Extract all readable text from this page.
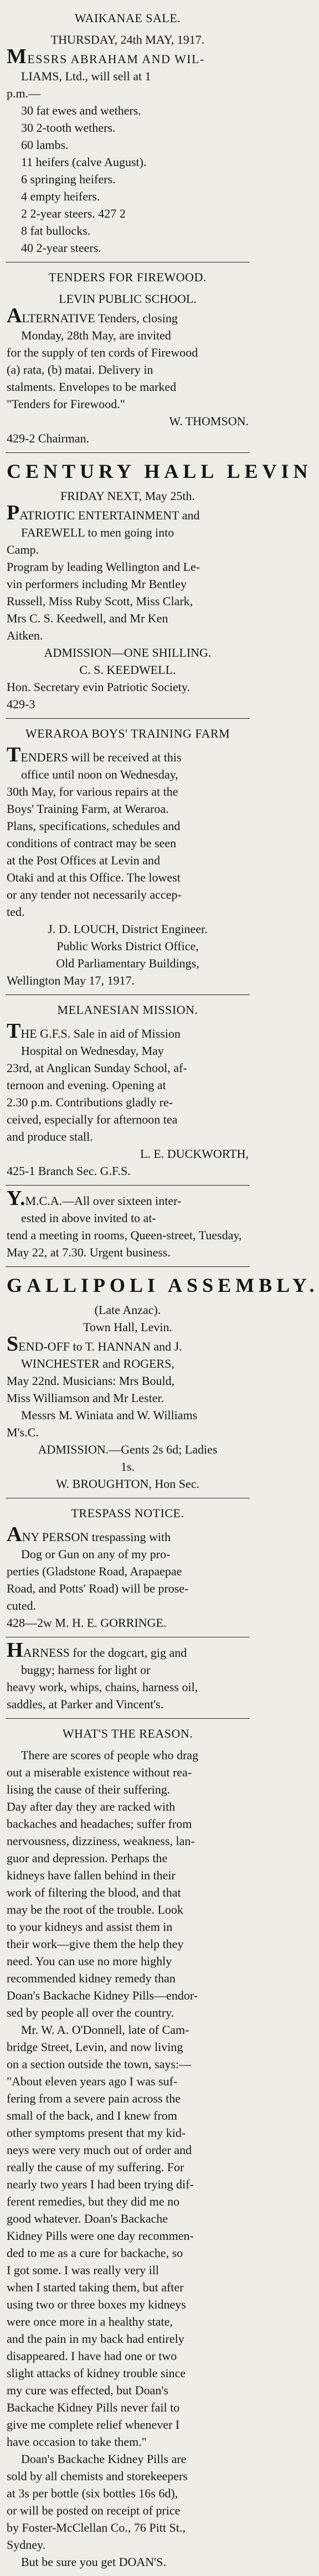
WAIKANAE SALE.

THURSDAY, 24th MAY, 1917.

MESSRS ABRAHAM AND WIL-

LIAMS, Ltd., will sell at 1

p.m.—

30 fat ewes and wethers.

30 2-tooth wethers.

60 lambs.

11 heifers (calve August).

6 springing heifers.

4 empty heifers.

2 2-year steers. 427 2

8 fat bullocks.

40 2-year steers.

TENDERS FOR FIREWOOD.

LEVIN PUBLIC SCHOOL.

ALTERNATIVE Tenders, closing

Monday, 28th May, are invited

for the supply of ten cords of Firewood

(a) rata, (b) matai. Delivery in

stalments. Envelopes to be marked

"Tenders for Firewood."

W. THOMSON.

429-2 Chairman.

CENTURY HALL LEVIN

FRIDAY NEXT, May 25th.

PATRIOTIC ENTERTAINMENT and

FAREWELL to men going into

Camp.

Program by leading Wellington and Le-

vin performers including Mr Bentley

Russell, Miss Ruby Scott, Miss Clark,

Mrs C. S. Keedwell, and Mr Ken

Aitken.

ADMISSION—ONE SHILLING.

C. S. KEEDWELL.

Hon. Secretary evin Patriotic Society.

429-3

WERAROA BOYS' TRAINING FARM

TENDERS will be received at this

office until noon on Wednesday,

30th May, for various repairs at the

Boys' Training Farm, at Weraroa.

Plans, specifications, schedules and

conditions of contract may be seen

at the Post Offices at Levin and

Otaki and at this Office. The lowest

or any tender not necessarily accep-

ted.

J. D. LOUCH, District Engineer.

Public Works District Office,

Old Parliamentary Buildings,

Wellington May 17, 1917.

MELANESIAN MISSION.

THE G.F.S. Sale in aid of Mission

Hospital on Wednesday, May

23rd, at Anglican Sunday School, af-

ternoon and evening. Opening at

2.30 p.m. Contributions gladly re-

ceived, especially for afternoon tea

and produce stall.

L. E. DUCKWORTH,

425-1 Branch Sec. G.F.S.

Y.M.C.A.—All over sixteen inter-

ested in above invited to at-

tend a meeting in rooms, Queen-street, Tuesday,

May 22, at 7.30. Urgent business.

GALLIPOLI ASSEMBLY.

(Late Anzac).

Town Hall, Levin.

SEND-OFF to T. HANNAN and J.

WINCHESTER and ROGERS,

May 22nd. Musicians: Mrs Bould,

Miss Williamson and Mr Lester.

Messrs M. Winiata and W. Williams

M's.C.

ADMISSION.—Gents 2s 6d; Ladies

1s.

W. BROUGHTON, Hon Sec.

TRESPASS NOTICE.

ANY PERSON trespassing with

Dog or Gun on any of my pro-

perties (Gladstone Road, Arapaepae

Road, and Potts' Road) will be prose-

cuted.

428—2w M. H. E. GORRINGE.

HARNESS for the dogcart, gig and

buggy; harness for light or

heavy work, whips, chains, harness oil,

saddles, at Parker and Vincent's.

WHAT'S THE REASON.

There are scores of people who drag

out a miserable existence without rea-

lising the cause of their suffering.

Day after day they are racked with

backaches and headaches; suffer from

nervousness, dizziness, weakness, lan-

guor and depression. Perhaps the

kidneys have fallen behind in their

work of filtering the blood, and that

may be the root of the trouble. Look

to your kidneys and assist them in

their work—give them the help they

need. You can use no more highly

recommended kidney remedy than

Doan's Backache Kidney Pills—endor-

sed by people all over the country.

Mr. W. A. O'Donnell, late of Cam-

bridge Street, Levin, and now living

on a section outside the town, says:—

"About eleven years ago I was suf-

fering from a severe pain across the

small of the back, and I knew from

other symptoms present that my kid-

neys were very much out of order and

really the cause of my suffering. For

nearly two years I had been trying dif-

ferent remedies, but they did me no

good whatever. Doan's Backache

Kidney Pills were one day recommen-

ded to me as a cure for backache, so

I got some. I was really very ill

when I started taking them, but after

using two or three boxes my kidneys

were once more in a healthy state,

and the pain in my back had entirely

disappeared. I have had one or two

slight attacks of kidney trouble since

my cure was effected, but Doan's

Backache Kidney Pills never fail to

give me complete relief whenever I

have occasion to take them."

Doan's Backache Kidney Pills are

sold by all chemists and storekeepers

at 3s per bottle (six bottles 16s 6d),

or will be posted on receipt of price

by Foster-McClellan Co., 76 Pitt St.,

Sydney.

But be sure you get DOAN'S.
